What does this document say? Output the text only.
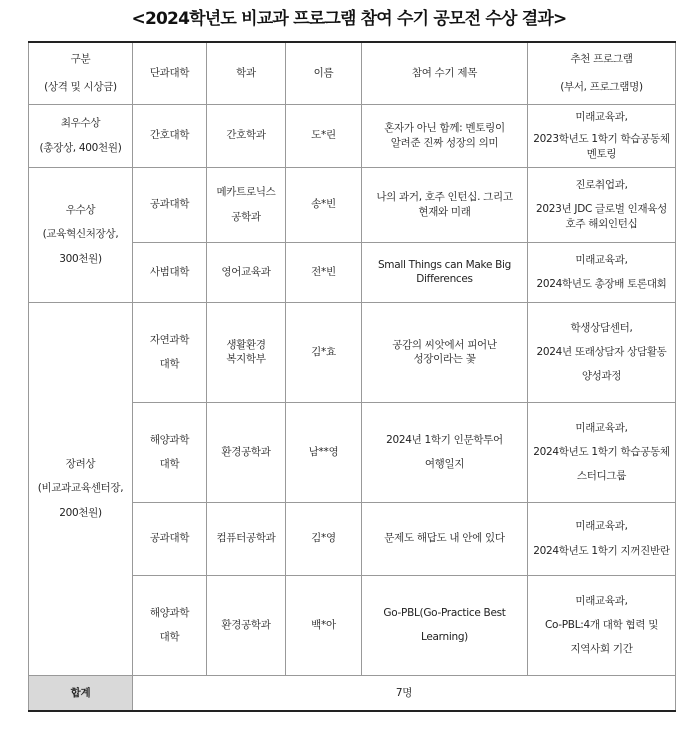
<2024학년도 비교과 프로그램 참여 수기 공모전 수상 결과>
구분
(상격 및 시상금)	단과대학	학과	이름	참여 수기 제목	추천 프로그램
(부서, 프로그램명)

최우수상
(총장상, 400천원)	간호대학	간호학과	도*린	혼자가 아닌 함께: 멘토링이
알려준 진짜 성장의 의미	미래교육과,
2023학년도 1학기 학습공동체
멘토링

우수상
(교육혁신처장상,
300천원)	공과대학	메카트로닉스
공학과	송*빈	나의 과거, 호주 인턴십. 그리고
현재와 미래	진로취업과,
2023년 JDC 글로벌 인재육성
호주 해외인턴십

	사범대학	영어교육과	전*빈	Small Things can Make Big
Differences	미래교육과,
2024학년도 총장배 토론대회

장려상
(비교과교육센터장,
200천원)	자연과학
대학	생활환경
복지학부	김*효	공감의 씨앗에서 피어난
성장이라는 꽃	학생상담센터,
2024년 또래상담자 상담활동
양성과정

	해양과학
대학	환경공학과	남**영	2024년 1학기 인문학투어
여행일지	미래교육과,
2024학년도 1학기 학습공동체
스터디그룹

	공과대학	컴퓨터공학과	김*영	문제도 해답도 내 안에 있다	미래교육과,
2024학년도 1학기 지꺼진반란

	해양과학
대학	환경공학과	백*아	Go-PBL(Go-Practice Best
Learning)	미래교육과,
Co-PBL:4개 대학 협력 및
지역사회 기간

합계	7명				
